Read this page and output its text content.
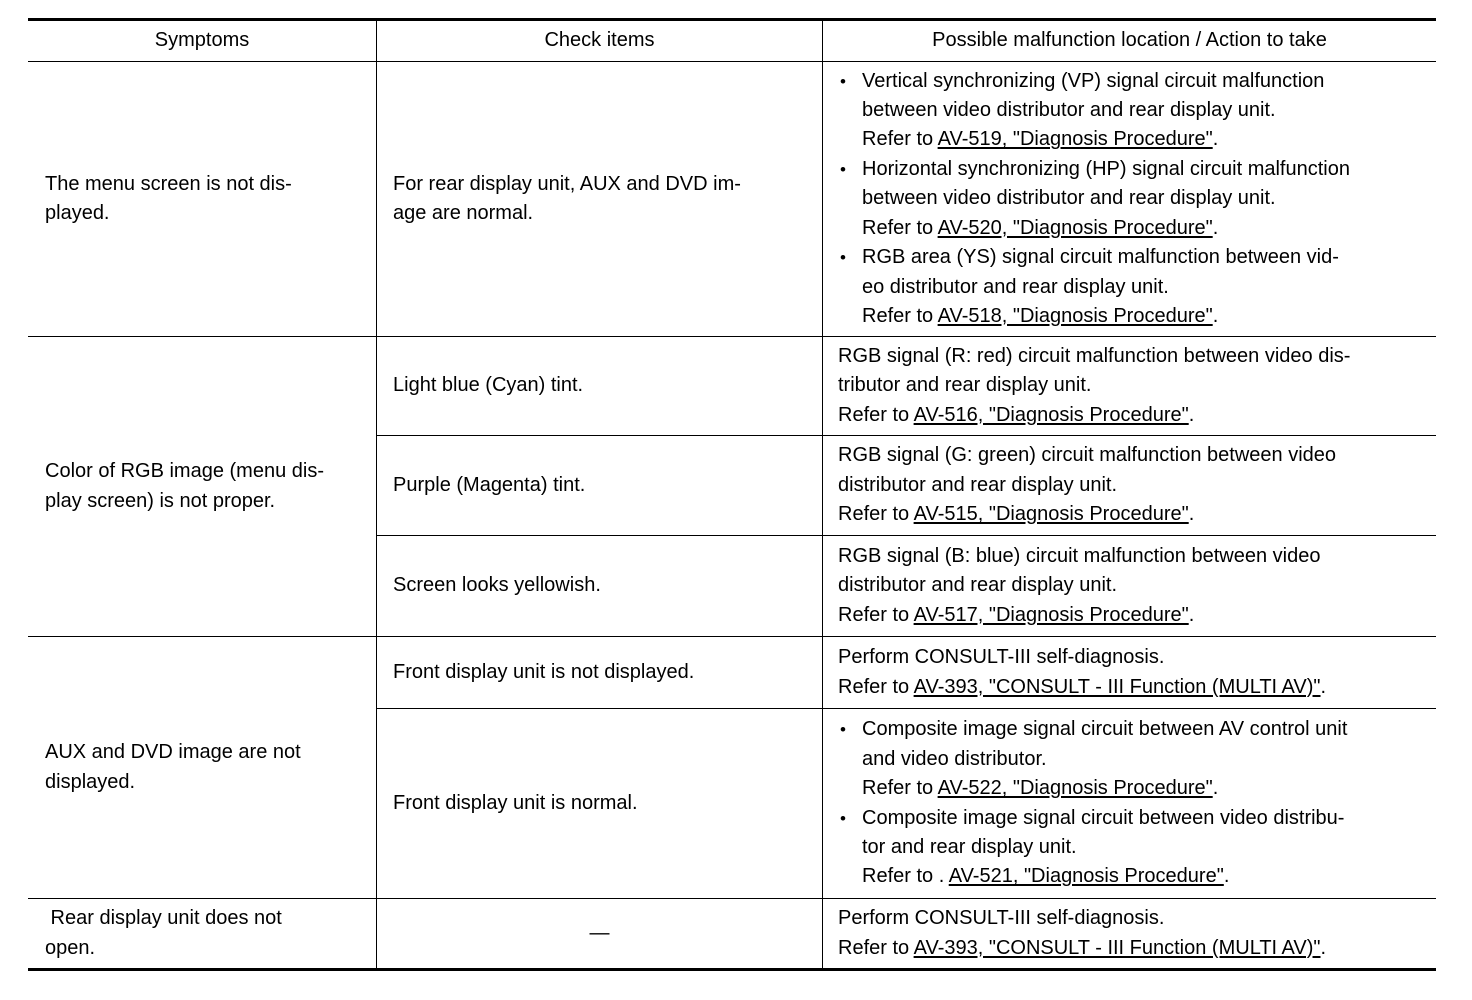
Symptoms	Check items	Possible malfunction location / Action to take
The menu screen is not dis-
played.
For rear display unit, AUX and DVD im-
age are normal.
• Vertical synchronizing (VP) signal circuit malfunction
between video distributor and rear display unit.
Refer to AV-519, "Diagnosis Procedure".
• Horizontal synchronizing (HP) signal circuit malfunction
between video distributor and rear display unit.
Refer to AV-520, "Diagnosis Procedure".
• RGB area (YS) signal circuit malfunction between vid-
eo distributor and rear display unit.
Refer to AV-518, "Diagnosis Procedure".
Color of RGB image (menu dis-
play screen) is not proper.
Light blue (Cyan) tint.
RGB signal (R: red) circuit malfunction between video dis-
tributor and rear display unit.
Refer to AV-516, "Diagnosis Procedure".
Purple (Magenta) tint.
RGB signal (G: green) circuit malfunction between video
distributor and rear display unit.
Refer to AV-515, "Diagnosis Procedure".
Screen looks yellowish.
RGB signal (B: blue) circuit malfunction between video
distributor and rear display unit.
Refer to AV-517, "Diagnosis Procedure".
AUX and DVD image are not
displayed.
Front display unit is not displayed.
Perform CONSULT-III self-diagnosis.
Refer to AV-393, "CONSULT - III Function (MULTI AV)".
Front display unit is normal.
• Composite image signal circuit between AV control unit
and video distributor.
Refer to AV-522, "Diagnosis Procedure".
• Composite image signal circuit between video distribu-
tor and rear display unit.
Refer to . AV-521, "Diagnosis Procedure".
Rear display unit does not
open.
—
Perform CONSULT-III self-diagnosis.
Refer to AV-393, "CONSULT - III Function (MULTI AV)".
